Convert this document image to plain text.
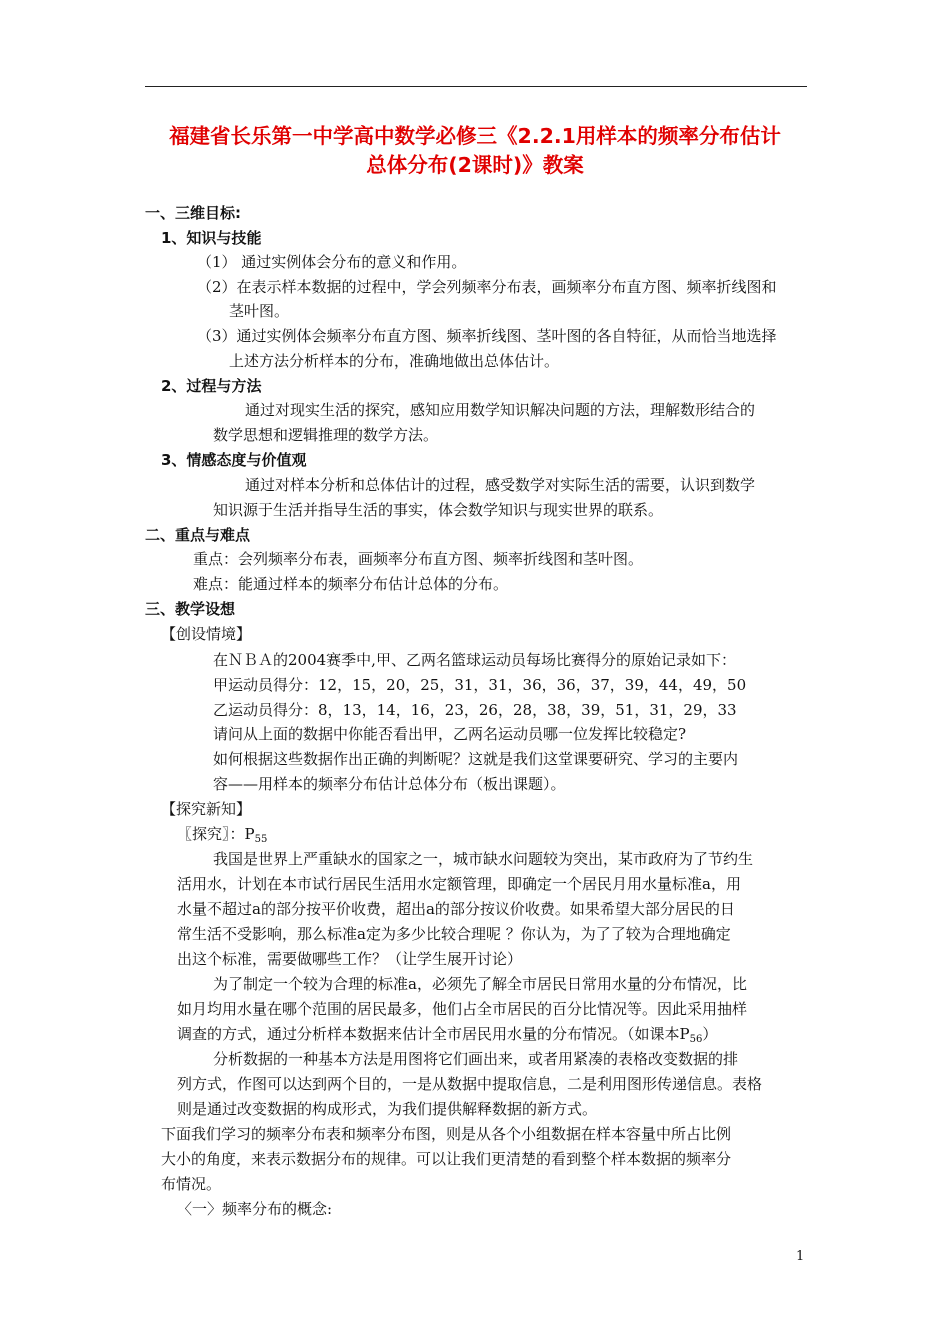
福建省长乐第一中学高中数学必修三《2.2.1用样本的频率分布估计
总体分布(2课时)》教案
一、三维目标:
1、知识与技能
（1） 通过实例体会分布的意义和作用。
（2）在表示样本数据的过程中，学会列频率分布表，画频率分布直方图、频率折线图和
茎叶图。
（3）通过实例体会频率分布直方图、频率折线图、茎叶图的各自特征，从而恰当地选择
上述方法分析样本的分布，准确地做出总体估计。
2、过程与方法
通过对现实生活的探究，感知应用数学知识解决问题的方法，理解数形结合的
数学思想和逻辑推理的数学方法。
3、情感态度与价值观
通过对样本分析和总体估计的过程，感受数学对实际生活的需要，认识到数学
知识源于生活并指导生活的事实，体会数学知识与现实世界的联系。
二、重点与难点
重点：会列频率分布表，画频率分布直方图、频率折线图和茎叶图。
难点：能通过样本的频率分布估计总体的分布。
三、教学设想
【创设情境】
在ＮＢＡ的2004赛季中,甲、乙两名篮球运动员每场比赛得分的原始记录如下：
甲运动员得分：12，15，20，25，31，31，36，36，37，39，44，49，50
乙运动员得分：8，13，14，16，23，26，28，38，39，51，31，29，33
请问从上面的数据中你能否看出甲，乙两名运动员哪一位发挥比较稳定?
如何根据这些数据作出正确的判断呢？这就是我们这堂课要研究、学习的主要内
容——用样本的频率分布估计总体分布（板出课题）。
【探究新知】
〖探究〗：$P_{55}$
我国是世界上严重缺水的国家之一，城市缺水问题较为突出，某市政府为了节约生
活用水，计划在本市试行居民生活用水定额管理，即确定一个居民月用水量标准a，用
水量不超过a的部分按平价收费，超出a的部分按议价收费。如果希望大部分居民的日
常生活不受影响，那么标准a定为多少比较合理呢 ？你认为，为了了较为合理地确定
出这个标准，需要做哪些工作？（让学生展开讨论）
为了制定一个较为合理的标准a，必须先了解全市居民日常用水量的分布情况，比
如月均用水量在哪个范围的居民最多，他们占全市居民的百分比情况等。因此采用抽样
调查的方式，通过分析样本数据来估计全市居民用水量的分布情况。（如课本$P_{56}$）
分析数据的一种基本方法是用图将它们画出来，或者用紧凑的表格改变数据的排
列方式，作图可以达到两个目的，一是从数据中提取信息，二是利用图形传递信息。表格
则是通过改变数据的构成形式，为我们提供解释数据的新方式。
下面我们学习的频率分布表和频率分布图，则是从各个小组数据在样本容量中所占比例
大小的角度，来表示数据分布的规律。可以让我们更清楚的看到整个样本数据的频率分
布情况。
〈一〉频率分布的概念:
1
